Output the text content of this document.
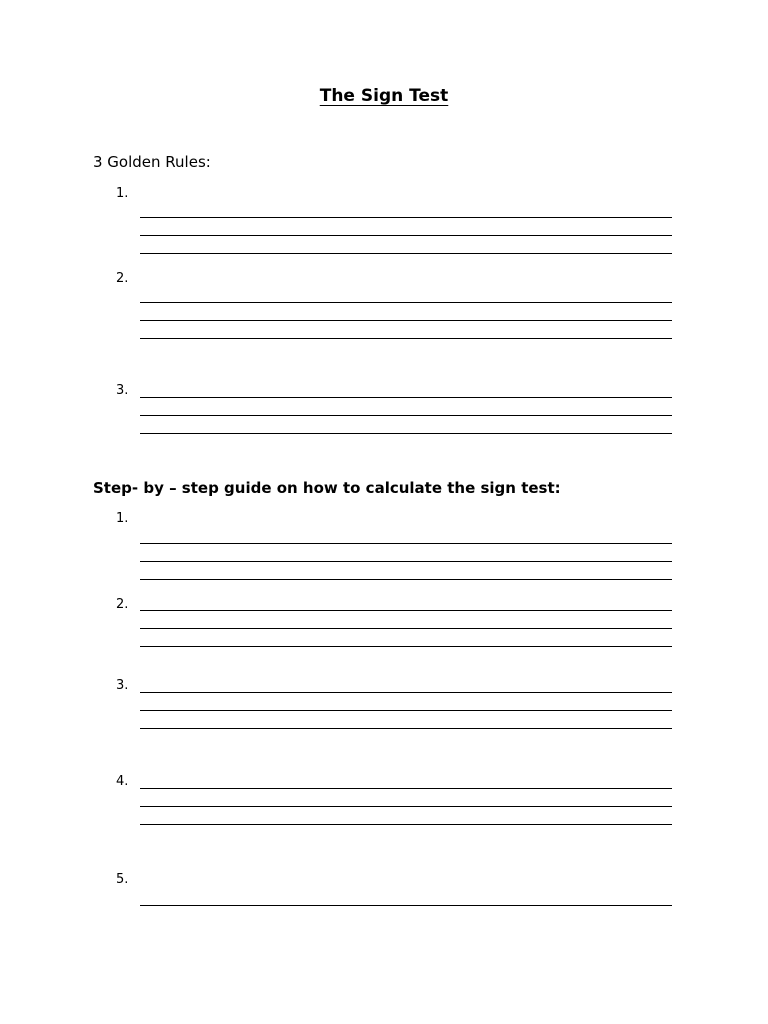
The Sign Test
3 Golden Rules:
1.
2.
3.
Step- by – step guide on how to calculate the sign test:
1.
2.
3.
4.
5.
